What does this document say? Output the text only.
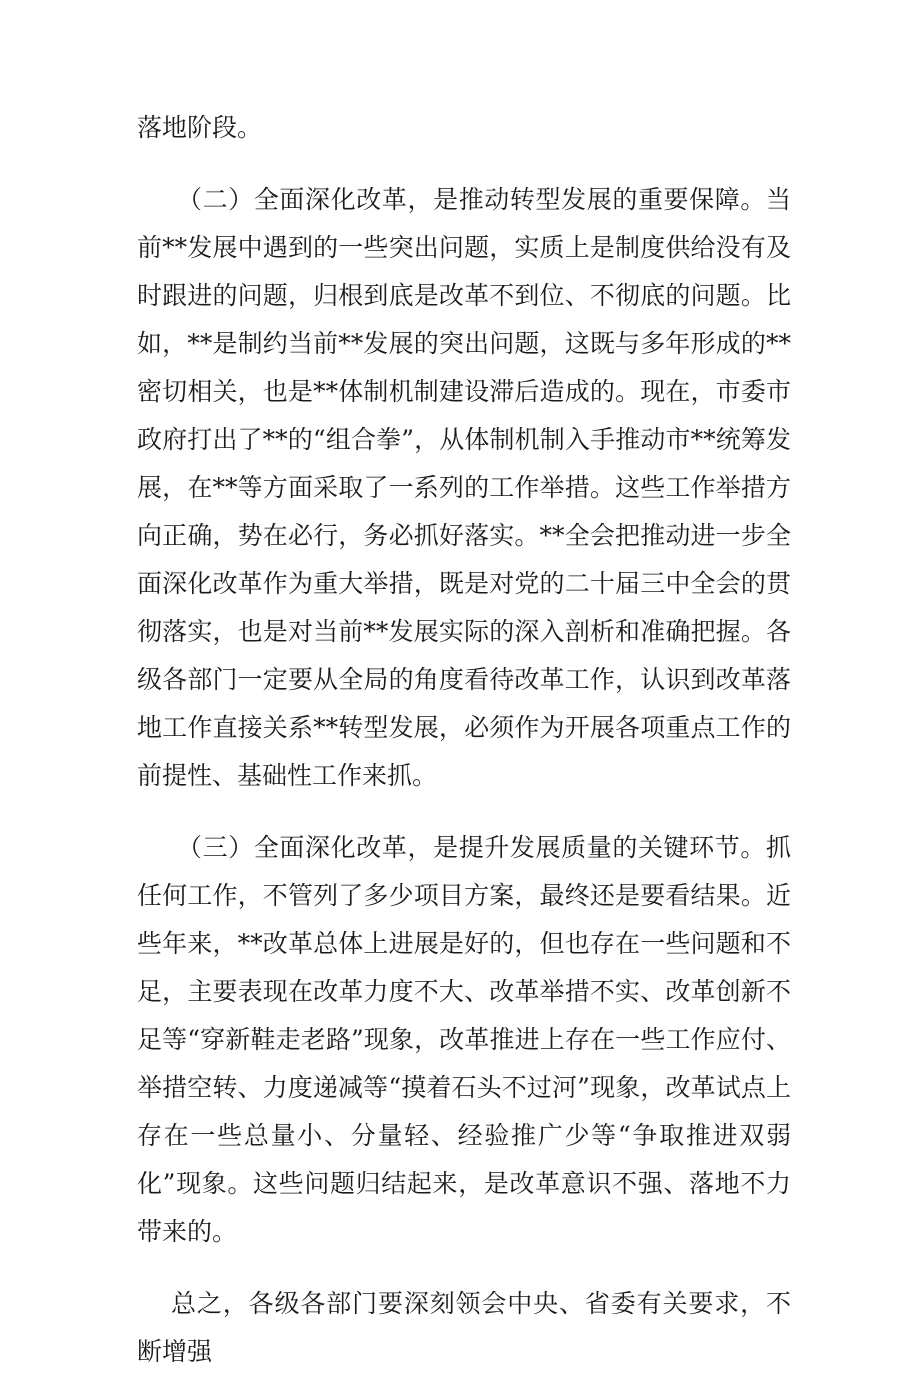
落地阶段。

（二）全面深化改革，是推动转型发展的重要保障。当前**发展中遇到的一些突出问题，实质上是制度供给没有及时跟进的问题，归根到底是改革不到位、不彻底的问题。比如，**是制约当前**发展的突出问题，这既与多年形成的**密切相关，也是**体制机制建设滞后造成的。现在，市委市政府打出了**的“组合拳”，从体制机制入手推动市**统筹发展，在**等方面采取了一系列的工作举措。这些工作举措方向正确，势在必行，务必抓好落实。**全会把推动进一步全面深化改革作为重大举措，既是对党的二十届三中全会的贯彻落实，也是对当前**发展实际的深入剖析和准确把握。各级各部门一定要从全局的角度看待改革工作，认识到改革落地工作直接关系**转型发展，必须作为开展各项重点工作的前提性、基础性工作来抓。

（三）全面深化改革，是提升发展质量的关键环节。抓任何工作，不管列了多少项目方案，最终还是要看结果。近些年来，**改革总体上进展是好的，但也存在一些问题和不足，主要表现在改革力度不大、改革举措不实、改革创新不足等“穿新鞋走老路”现象，改革推进上存在一些工作应付、举措空转、力度递减等“摸着石头不过河”现象，改革试点上存在一些总量小、分量轻、经验推广少等“争取推进双弱化”现象。这些问题归结起来，是改革意识不强、落地不力带来的。

总之，各级各部门要深刻领会中央、省委有关要求，不断增强
